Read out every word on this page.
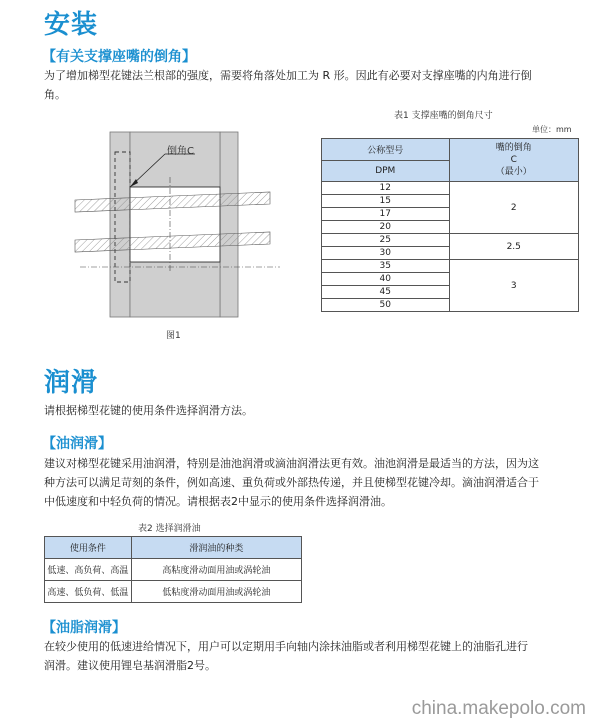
安装
【有关支撑座嘴的倒角】
为了增加梯型花键法兰根部的强度，需要将角落处加工为 R 形。因此有必要对支撑座嘴的内角进行倒
角。
倒角C
图1
表1 支撑座嘴的倒角尺寸
单位：mm
公称型号	嘴的倒角
C
（最小）

DPM	
12	2
15	
17	
20	
25	2.5
30	
35	3
40	
45	
50	
润滑
请根据梯型花键的使用条件选择润滑方法。
【油润滑】
建议对梯型花键采用油润滑，特别是油池润滑或滴油润滑法更有效。油池润滑是最适当的方法，因为这
种方法可以满足苛刻的条件，例如高速、重负荷或外部热传递，并且使梯型花键冷却。滴油润滑适合于
中低速度和中轻负荷的情况。请根据表2中显示的使用条件选择润滑油。
表2 选择润滑油
使用条件	滑润油的种类
低速、高负荷、高温	高粘度滑动面用油或涡轮油
高速、低负荷、低温	低粘度滑动面用油或涡轮油
【油脂润滑】
在较少使用的低速进给情况下，用户可以定期用手向轴内涂抹油脂或者利用梯型花键上的油脂孔进行
润滑。建议使用锂皂基润滑脂2号。
china.makepolo.com
